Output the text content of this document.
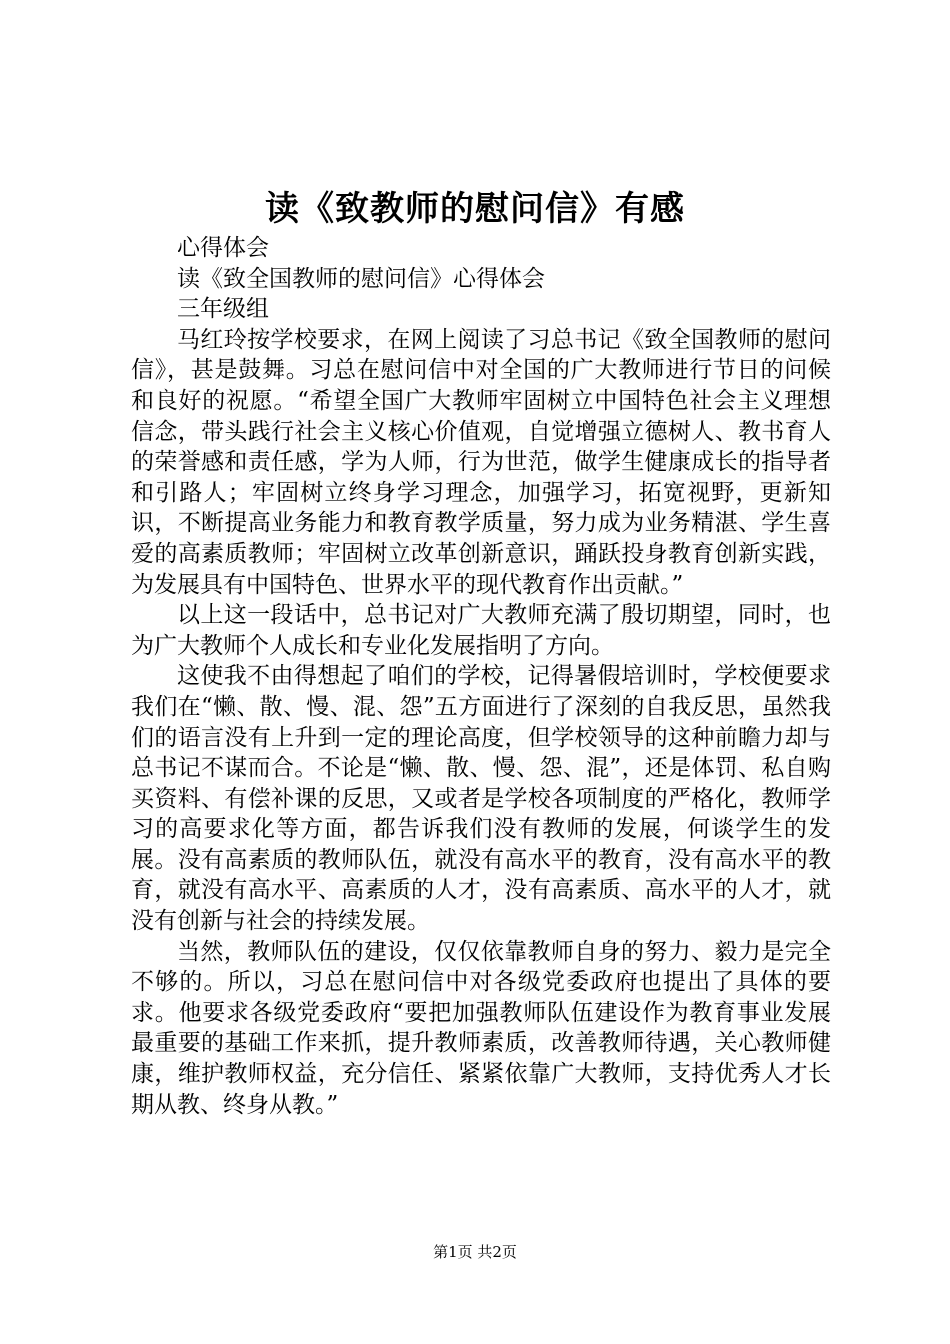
读《致教师的慰问信》有感

心得体会

读《致全国教师的慰问信》心得体会

三年级组

马红玲按学校要求，在网上阅读了习总书记《致全国教师的慰问信》，甚是鼓舞。习总在慰问信中对全国的广大教师进行节日的问候和良好的祝愿。“希望全国广大教师牢固树立中国特色社会主义理想信念，带头践行社会主义核心价值观，自觉增强立德树人、教书育人的荣誉感和责任感，学为人师，行为世范，做学生健康成长的指导者和引路人；牢固树立终身学习理念，加强学习，拓宽视野，更新知识，不断提高业务能力和教育教学质量，努力成为业务精湛、学生喜爱的高素质教师；牢固树立改革创新意识，踊跃投身教育创新实践，为发展具有中国特色、世界水平的现代教育作出贡献。”

以上这一段话中，总书记对广大教师充满了殷切期望，同时，也为广大教师个人成长和专业化发展指明了方向。

这使我不由得想起了咱们的学校，记得暑假培训时，学校便要求我们在“懒、散、慢、混、怨”五方面进行了深刻的自我反思，虽然我们的语言没有上升到一定的理论高度，但学校领导的这种前瞻力却与总书记不谋而合。不论是“懒、散、慢、怨、混”，还是体罚、私自购买资料、有偿补课的反思，又或者是学校各项制度的严格化，教师学习的高要求化等方面，都告诉我们没有教师的发展，何谈学生的发展。没有高素质的教师队伍，就没有高水平的教育，没有高水平的教育，就没有高水平、高素质的人才，没有高素质、高水平的人才，就没有创新与社会的持续发展。

当然，教师队伍的建设，仅仅依靠教师自身的努力、毅力是完全不够的。所以，习总在慰问信中对各级党委政府也提出了具体的要求。他要求各级党委政府“要把加强教师队伍建设作为教育事业发展最重要的基础工作来抓，提升教师素质，改善教师待遇，关心教师健康，维护教师权益，充分信任、紧紧依靠广大教师，支持优秀人才长期从教、终身从教。”

第1页 共2页
